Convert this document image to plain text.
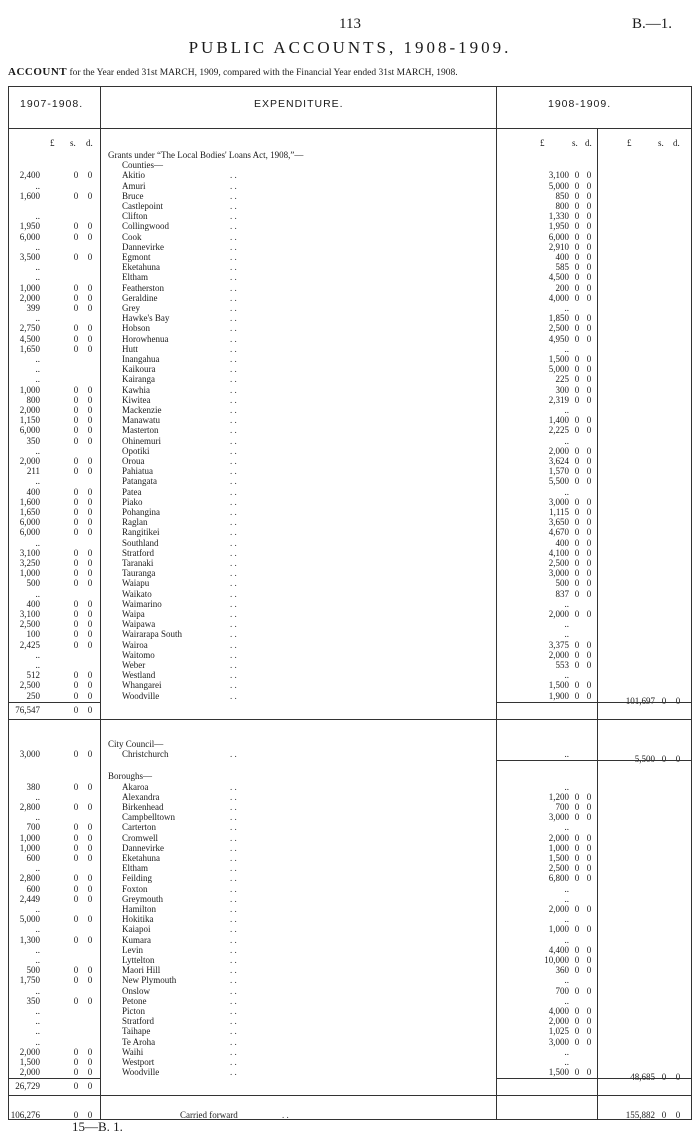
113	B.—1.
PUBLIC ACCOUNTS, 1908-1909.
ACCOUNT for the Year ended 31st MARCH, 1909, compared with the Financial Year ended 31st MARCH, 1908.
1907-1908.	EXPENDITURE.	1908-1909.
£ s. d.	£	s. d.	£	s. d.
Grants under “The Local Bodies' Loans Act, 1908,”—
Counties—
2,400	0 0	Akitio	. .	3,100 0 0
..	Amuri	. .	5,000 0 0
1,600	0 0	Bruce	. .	850 0 0
Castlepoint	. .	800 0 0
..	Clifton	. .	1,330 0 0
1,950	0 0	Collingwood	. .	1,950 0 0
6,000	0 0	Cook	. .	6,000 0 0
..	Dannevirke	. .	2,910 0 0
3,500	0 0	Egmont	. .	400 0 0
..	Eketahuna	. .	585 0 0
..	Eltham	. .	4,500 0 0
1,000	0 0	Featherston	. .	200 0 0
2,000	0 0	Geraldine	. .	4,000 0 0
399	0 0	Grey	. .	..
..	Hawke's Bay	. .	1,850 0 0
2,750	0 0	Hobson	. .	2,500 0 0
4,500	0 0	Horowhenua	. .	4,950 0 0
1,650	0 0	Hutt	. .	..
..	Inangahua	. .	1,500 0 0
..	Kaikoura	. .	5,000 0 0
..	Kairanga	. .	225 0 0
1,000	0 0	Kawhia	. .	300 0 0
800	0 0	Kiwitea	. .	2,319 0 0
2,000	0 0	Mackenzie	. .	..
1,150	0 0	Manawatu	. .	1,400 0 0
6,000	0 0	Masterton	. .	2,225 0 0
350	0 0	Ohinemuri	. .	..
..	Opotiki	. .	2,000 0 0
2,000	0 0	Oroua	. .	3,624 0 0
211	0 0	Pahiatua	. .	1,570 0 0
..	Patangata	. .	5,500 0 0
400	0 0	Patea	. .	..
1,600	0 0	Piako	. .	3,000 0 0
1,650	0 0	Pohangina	. .	1,115 0 0
6,000	0 0	Raglan	. .	3,650 0 0
6,000	0 0	Rangitikei	. .	4,670 0 0
..	Southland	. .	400 0 0
3,100	0 0	Stratford	. .	4,100 0 0
3,250	0 0	Taranaki	. .	2,500 0 0
1,000	0 0	Tauranga	. .	3,000 0 0
500	0 0	Waiapu	. .	500 0 0
..	Waikato	. .	837 0 0
400	0 0	Waimarino	. .	..
3,100	0 0	Waipa	. .	2,000 0 0
2,500	0 0	Waipawa	. .	..
100	0 0	Wairarapa South	. .	..
2,425	0 0	Wairoa	. .	3,375 0 0
..	Waitomo	. .	2,000 0 0
..	Weber	. .	553 0 0
512	0 0	Westland	. .	..
2,500	0 0	Whangarei	. .	1,500 0 0
250	0 0	Woodville	. .	1,900 0 0	101,697 0 0
76,547	0 0
City Council—
3,000	0 0	Christchurch	. .	..	5,500 0 0
Boroughs—
380	0 0	Akaroa	. .	..
..	Alexandra	. .	1,200 0 0
2,800	0 0	Birkenhead	. .	700 0 0
..	Campbelltown	. .	3,000 0 0
700	0 0	Carterton	. .	..
1,000	0 0	Cromwell	. .	2,000 0 0
1,000	0 0	Dannevirke	. .	1,000 0 0
600	0 0	Eketahuna	. .	1,500 0 0
..	Eltham	. .	2,500 0 0
2,800	0 0	Feilding	. .	6,800 0 0
600	0 0	Foxton	. .	..
2,449	0 0	Greymouth	. .	..
..	Hamilton	. .	2,000 0 0
5,000	0 0	Hokitika	. .	..
..	Kaiapoi	. .	1,000 0 0
1,300	0 0	Kumara	. .	..
..	Levin	. .	4,400 0 0
..	Lyttelton	. .	10,000 0 0
500	0 0	Maori Hill	. .	360 0 0
1,750	0 0	New Plymouth	. .	..
..	Onslow	. .	700 0 0
350	0 0	Petone	. .	..
..	Picton	. .	4,000 0 0
..	Stratford	. .	2,000 0 0
..	Taihape	. .	1,025 0 0
..	Te Aroha	. .	3,000 0 0
2,000	0 0	Waihi	. .	..
1,500	0 0	Westport	. .	..
2,000	0 0	Woodville	. .	1,500 0 0	48,685 0 0
26,729	0 0
106,276	0 0	Carried forward	. .	155,882 0 0
15—B. 1.
